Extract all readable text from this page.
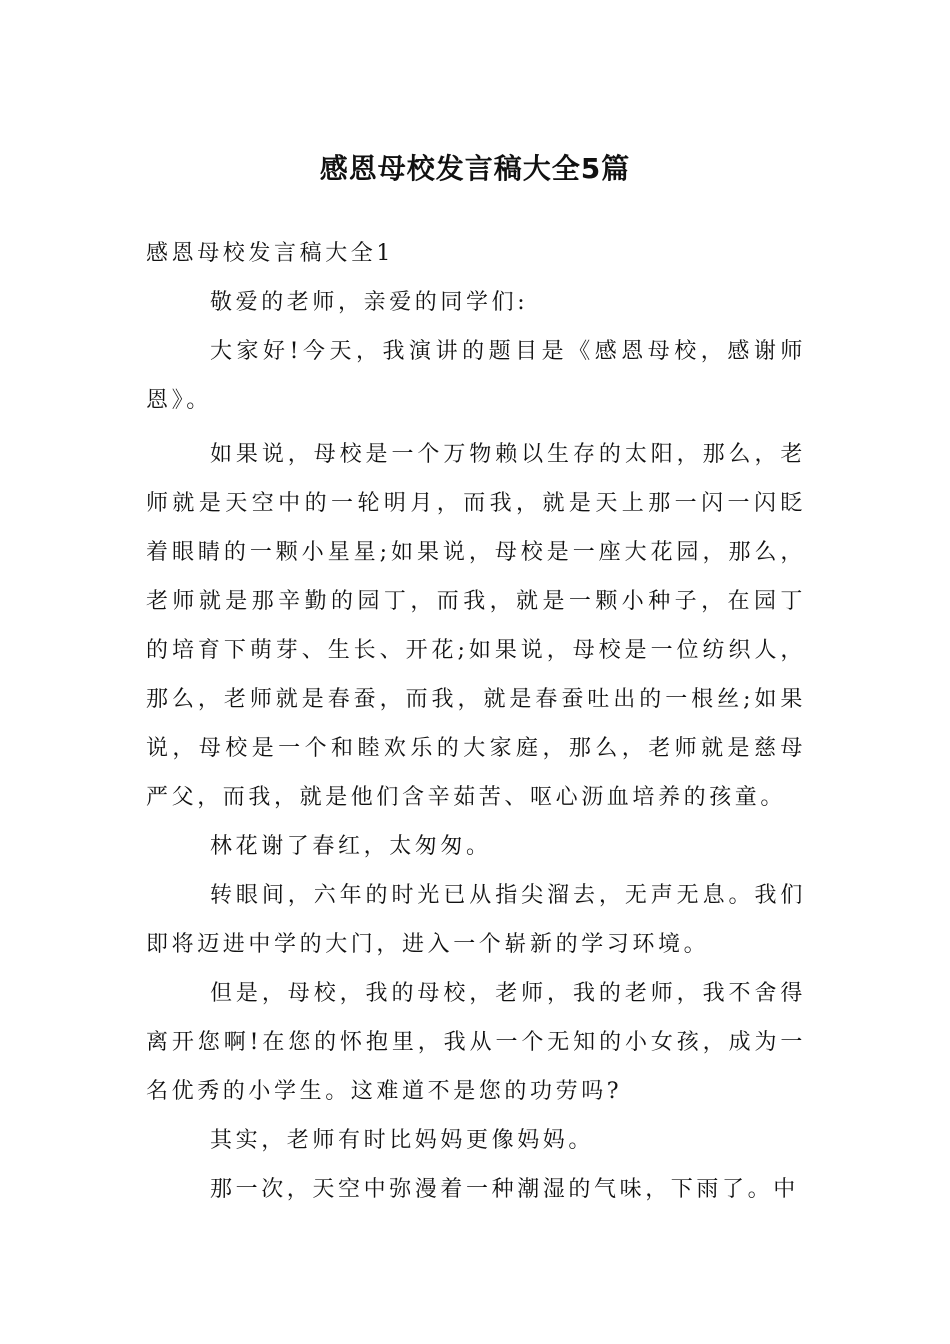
感恩母校发言稿大全5篇
感恩母校发言稿大全1

敬爱的老师，亲爱的同学们:

大家好!今天，我演讲的题目是《感恩母校，感谢师恩》。

如果说，母校是一个万物赖以生存的太阳，那么，老师就是天空中的一轮明月，而我，就是天上那一闪一闪眨着眼睛的一颗小星星;如果说，母校是一座大花园，那么，老师就是那辛勤的园丁，而我，就是一颗小种子，在园丁的培育下萌芽、生长、开花;如果说，母校是一位纺织人，那么，老师就是春蚕，而我，就是春蚕吐出的一根丝;如果说，母校是一个和睦欢乐的大家庭，那么，老师就是慈母严父，而我，就是他们含辛茹苦、呕心沥血培养的孩童。

林花谢了春红，太匆匆。

转眼间，六年的时光已从指尖溜去，无声无息。我们即将迈进中学的大门，进入一个崭新的学习环境。

但是，母校，我的母校，老师，我的老师，我不舍得离开您啊!在您的怀抱里，我从一个无知的小女孩，成为一名优秀的小学生。这难道不是您的功劳吗?

其实，老师有时比妈妈更像妈妈。

那一次，天空中弥漫着一种潮湿的气味，下雨了。中
